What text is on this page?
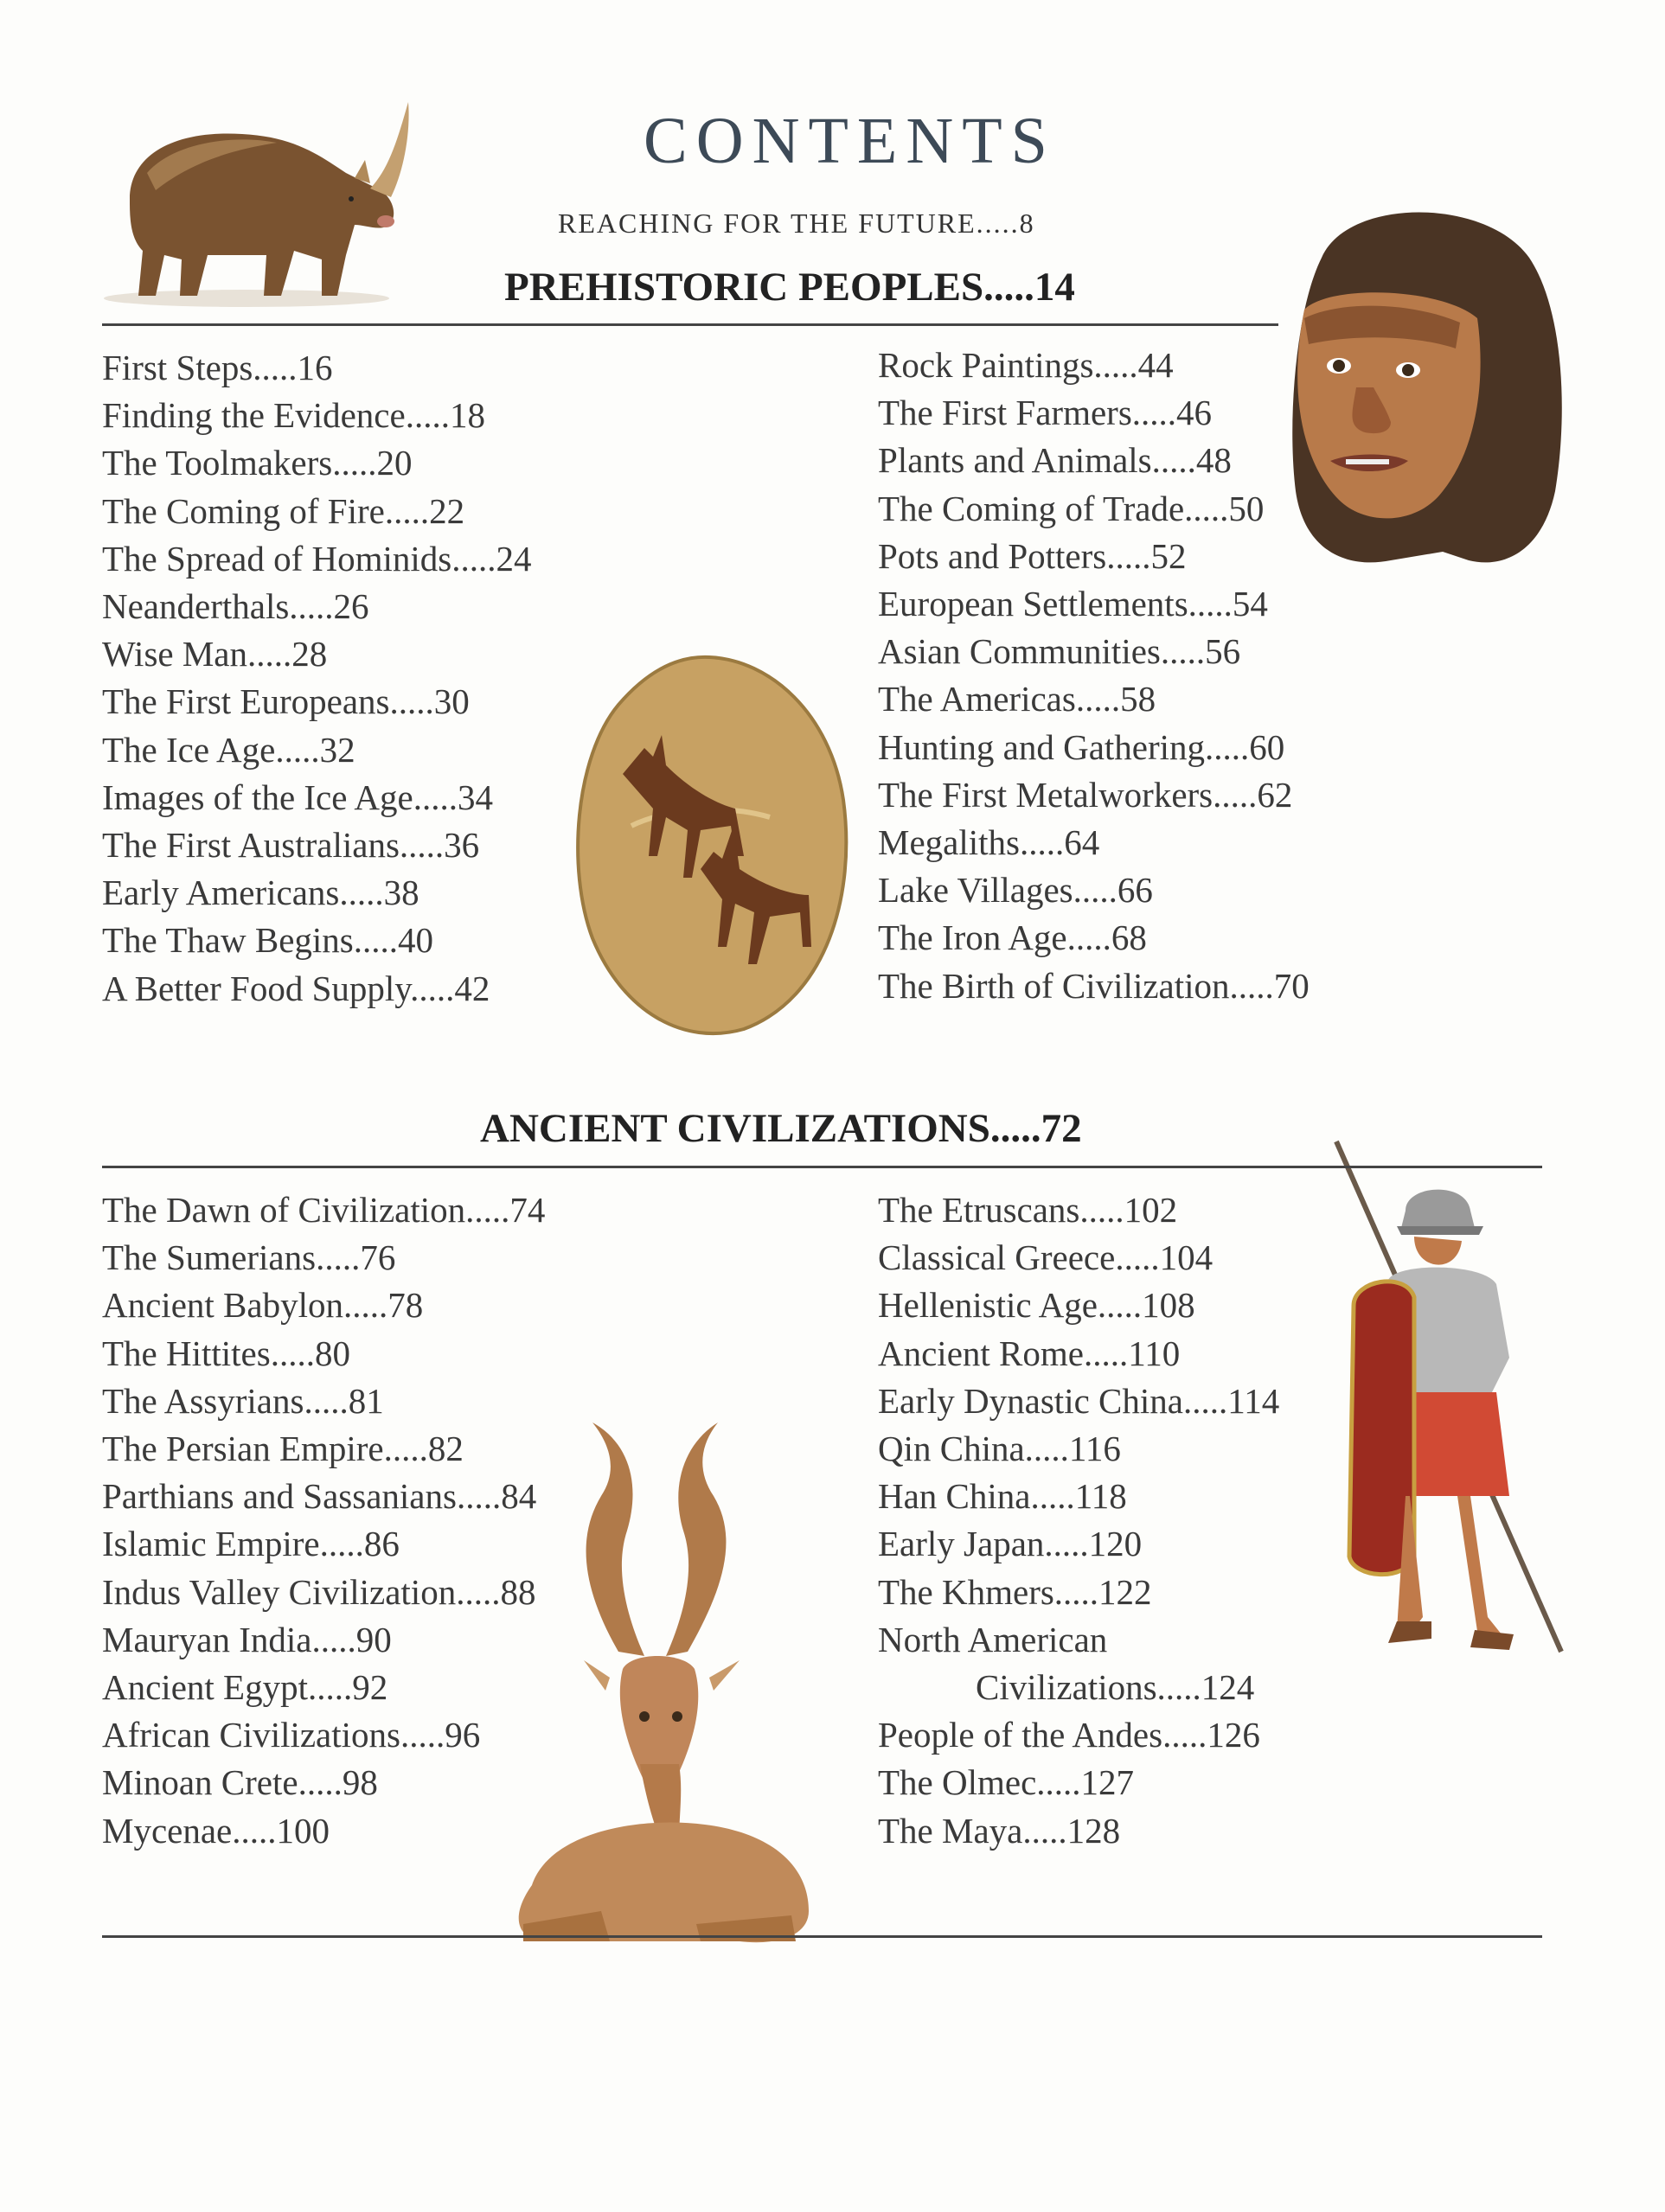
CONTENTS
REACHING FOR THE FUTURE.....8
PREHISTORIC PEOPLES.....14
First Steps.....16
Finding the Evidence.....18
The Toolmakers.....20
The Coming of Fire.....22
The Spread of Hominids.....24
Neanderthals.....26
Wise Man.....28
The First Europeans.....30
The Ice Age.....32
Images of the Ice Age.....34
The First Australians.....36
Early Americans.....38
The Thaw Begins.....40
A Better Food Supply.....42
Rock Paintings.....44
The First Farmers.....46
Plants and Animals.....48
The Coming of Trade.....50
Pots and Potters.....52
European Settlements.....54
Asian Communities.....56
The Americas.....58
Hunting and Gathering.....60
The First Metalworkers.....62
Megaliths.....64
Lake Villages.....66
The Iron Age.....68
The Birth of Civilization.....70
ANCIENT CIVILIZATIONS.....72
The Dawn of Civilization.....74
The Sumerians.....76
Ancient Babylon.....78
The Hittites.....80
The Assyrians.....81
The Persian Empire.....82
Parthians and Sassanians.....84
Islamic Empire.....86
Indus Valley Civilization.....88
Mauryan India.....90
Ancient Egypt.....92
African Civilizations.....96
Minoan Crete.....98
Mycenae.....100
The Etruscans.....102
Classical Greece.....104
Hellenistic Age.....108
Ancient Rome.....110
Early Dynastic China.....114
Qin China.....116
Han China.....118
Early Japan.....120
The Khmers.....122
North American
Civilizations.....124
People of the Andes.....126
The Olmec.....127
The Maya.....128
